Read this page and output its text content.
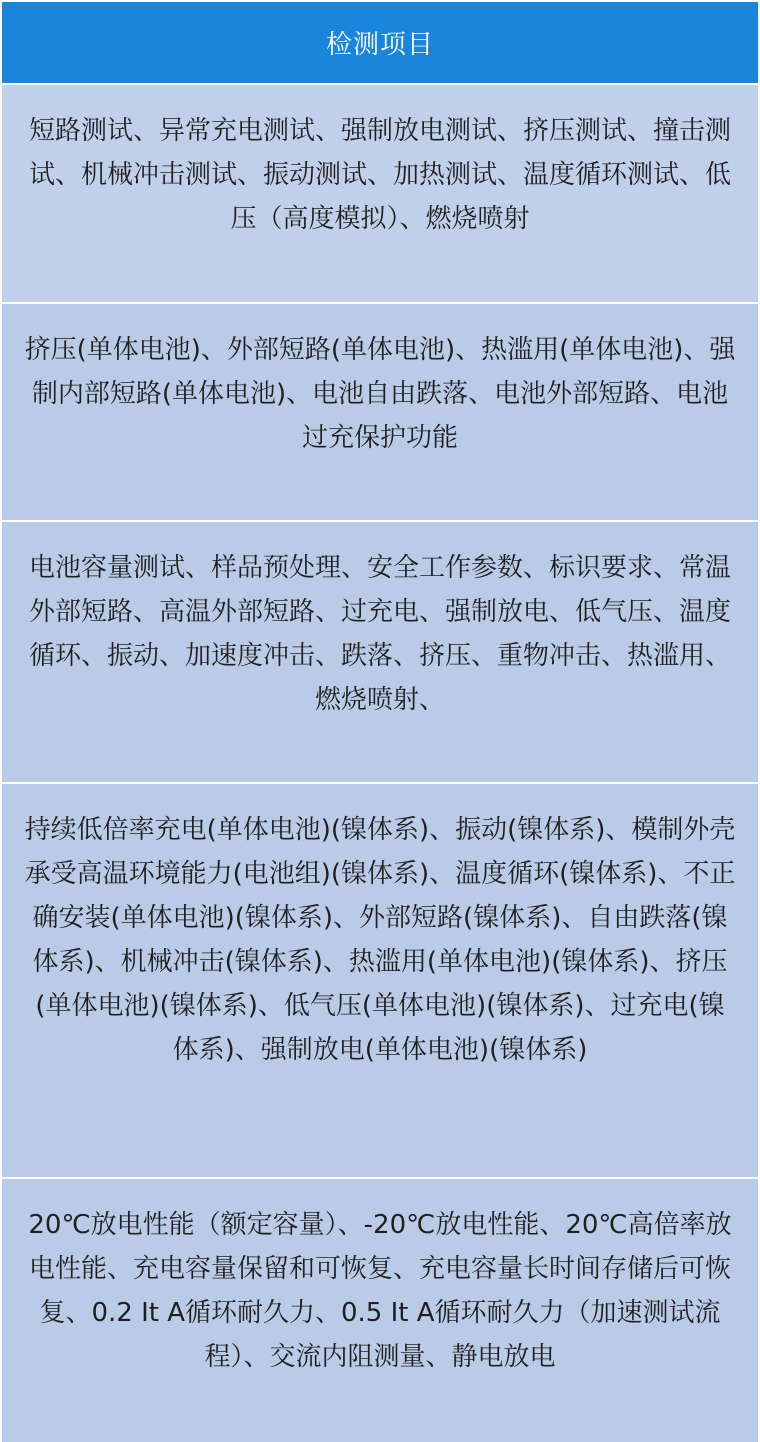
检测项目
短路测试、异常充电测试、强制放电测试、挤压测试、撞击测试、机械冲击测试、振动测试、加热测试、温度循环测试、低压（高度模拟）、燃烧喷射
挤压(单体电池)、外部短路(单体电池)、热滥用(单体电池)、强制内部短路(单体电池)、电池自由跌落、电池外部短路、电池过充保护功能
电池容量测试、样品预处理、安全工作参数、标识要求、常温外部短路、高温外部短路、过充电、强制放电、低气压、温度循环、振动、加速度冲击、跌落、挤压、重物冲击、热滥用、燃烧喷射、
持续低倍率充电(单体电池)(镍体系)、振动(镍体系)、模制外壳承受高温环境能力(电池组)(镍体系)、温度循环(镍体系)、不正确安装(单体电池)(镍体系)、外部短路(镍体系)、自由跌落(镍体系)、机械冲击(镍体系)、热滥用(单体电池)(镍体系)、挤压(单体电池)(镍体系)、低气压(单体电池)(镍体系)、过充电(镍体系)、强制放电(单体电池)(镍体系)
20℃放电性能（额定容量）、-20℃放电性能、20℃高倍率放电性能、充电容量保留和可恢复、充电容量长时间存储后可恢复、0.2 It A循环耐久力、0.5 It A循环耐久力（加速测试流程）、交流内阻测量、静电放电
